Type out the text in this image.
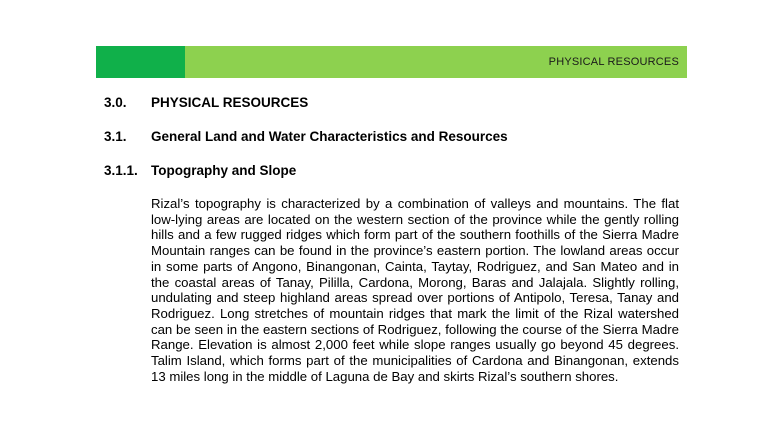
PHYSICAL RESOURCES
3.0. PHYSICAL RESOURCES
3.1. General Land and Water Characteristics and Resources
3.1.1. Topography and Slope

Rizal’s topography is characterized by a combination of valleys and mountains. The flat low-lying areas are located on the western section of the province while the gently rolling hills and a few rugged ridges which form part of the southern foothills of the Sierra Madre Mountain ranges can be found in the province’s eastern portion. The lowland areas occur in some parts of Angono, Binangonan, Cainta, Taytay, Rodriguez, and San Mateo and in the coastal areas of Tanay, Pililla, Cardona, Morong, Baras and Jalajala. Slightly rolling, undulating and steep highland areas spread over portions of Antipolo, Teresa, Tanay and Rodriguez. Long stretches of mountain ridges that mark the limit of the Rizal watershed can be seen in the eastern sections of Rodriguez, following the course of the Sierra Madre Range. Elevation is almost 2,000 feet while slope ranges usually go beyond 45 degrees. Talim Island, which forms part of the municipalities of Cardona and Binangonan, extends 13 miles long in the middle of Laguna de Bay and skirts Rizal’s southern shores.
